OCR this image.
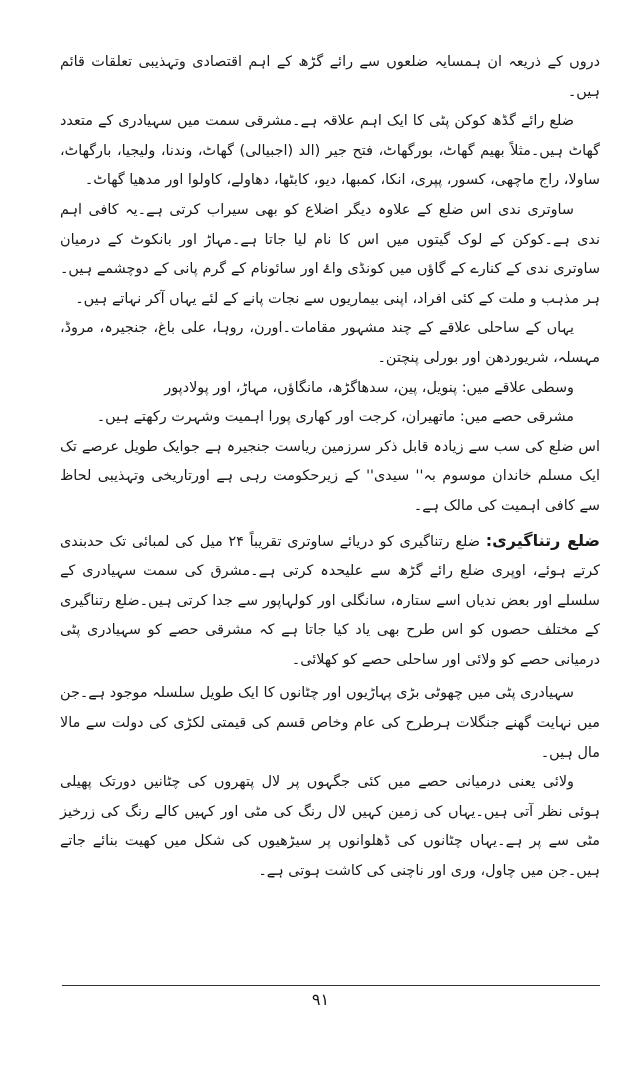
دروں کے ذریعہ ان ہمسایہ ضلعوں سے رائے گڑھ کے اہم اقتصادی وتہذیبی تعلقات قائم ہیں۔

ضلع رائے گڈھ کوکن پٹی کا ایک اہم علاقہ ہے۔مشرقی سمت میں سہیادری کے متعدد گھاٹ ہیں۔مثلاً بھیم گھاٹ، بورگھاٹ، فتح جیر (الد (اجبیالی) گھاٹ، وندنا، ولیجیا، بارگھاٹ، ساولا، راج ماچھی، کسور، پپری، انکا، کمبھا، دیو، کابٹھا، دھاولے، کاولوا اور مدھیا گھاٹ۔

ساوتری ندی اس ضلع کے علاوہ دیگر اضلاع کو بھی سیراب کرتی ہے۔یہ کافی اہم ندی ہے۔کوکن کے لوک گیتوں میں اس کا نام لیا جاتا ہے۔مہاڑ اور بانکوٹ کے درمیان ساوتری ندی کے کنارے کے گاؤں میں کونڈی واۓ اور سائونام کے گرم پانی کے دوچشمے ہیں۔ہر مذہب و ملت کے کئی افراد، اپنی بیماریوں سے نجات پانے کے لئے یہاں آکر نہاتے ہیں۔

یہاں کے ساحلی علاقے کے چند مشہور مقامات۔اورن، روہا، علی باغ، جنجیرہ، مروڈ، مہسلہ، شریوردھن اور بورلی پنچتن۔

وسطی علاقے میں: پنویل، پین، سدھاگڑھ، مانگاؤں، مہاڑ، اور پولادپور

مشرقی حصے میں: ماتھیران، کرجت اور کھاری پورا اہمیت وشہرت رکھتے ہیں۔

اس ضلع کی سب سے زیادہ قابل ذکر سرزمین ریاست جنجیرہ ہے جوایک طویل عرصے تک ایک مسلم خاندان موسوم بہ'' سیدی'' کے زیرحکومت رہی ہے اورتاریخی وتہذیبی لحاظ سے کافی اہمیت کی مالک ہے۔

ضلع رتناگیری: ضلع رتناگیری کو دریائے ساوتری تقریباً ۲۴ میل کی لمبائی تک حدبندی کرتے ہوئے، اوپری ضلع رائے گڑھ سے علیحدہ کرتی ہے۔مشرق کی سمت سہیادری کے سلسلے اور بعض ندیاں اسے ستارہ، سانگلی اور کولہاپور سے جدا کرتی ہیں۔ضلع رتناگیری کے مختلف حصوں کو اس طرح بھی یاد کیا جاتا ہے کہ مشرقی حصے کو سہیادری پٹی درمیانی حصے کو ولائی اور ساحلی حصے کو کھلائی۔

سہیادری پٹی میں چھوٹی بڑی پہاڑیوں اور چٹانوں کا ایک طویل سلسلہ موجود ہے۔جن میں نہایت گھنے جنگلات ہرطرح کی عام وخاص قسم کی قیمتی لکڑی کی دولت سے مالا مال ہیں۔

ولائی یعنی درمیانی حصے میں کئی جگہوں پر لال پتھروں کی چٹانیں دورتک پھیلی ہوئی نظر آتی ہیں۔یہاں کی زمین کہیں لال رنگ کی مٹی اور کہیں کالے رنگ کی زرخیز مٹی سے پر ہے۔یہاں چٹانوں کی ڈھلوانوں پر سیڑھیوں کی شکل میں کھیت بنائے جاتے ہیں۔جن میں چاول، وری اور ناچنی کی کاشت ہوتی ہے۔

۹۱
